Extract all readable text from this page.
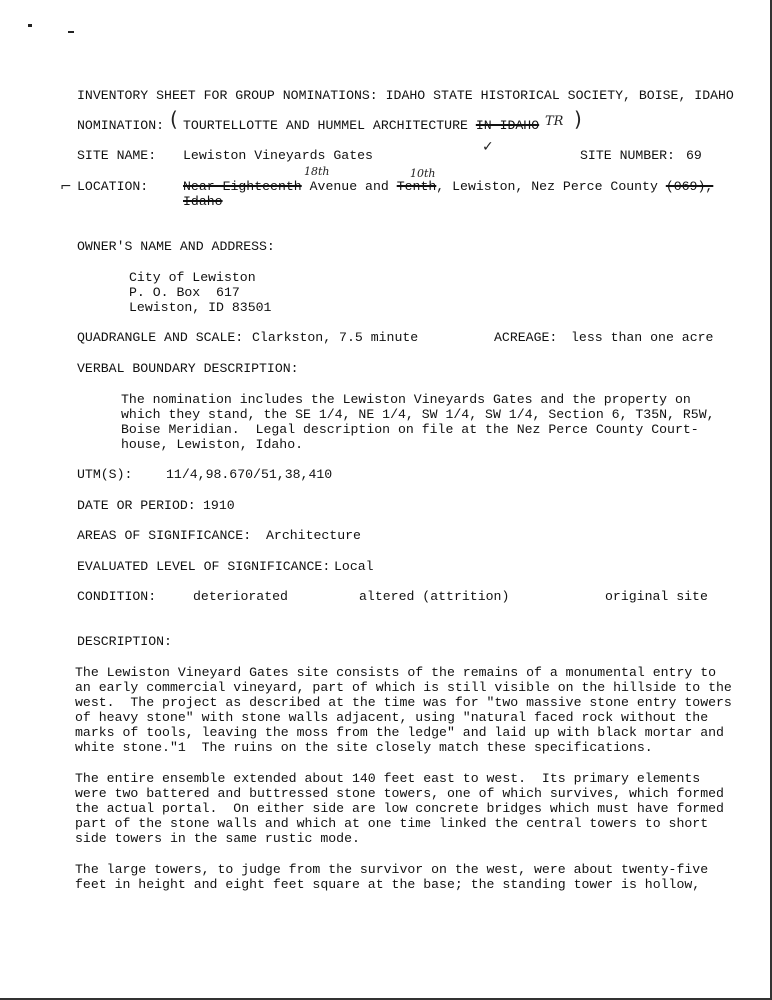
INVENTORY SHEET FOR GROUP NOMINATIONS: IDAHO STATE HISTORICAL SOCIETY, BOISE, IDAHO
NOMINATION: ( TOURTELLOTTE AND HUMMEL ARCHITECTURE IN IDAHO TR )
SITE NAME: Lewiston Vineyards Gates
✓
SITE NUMBER: 69
18th	10th
⌐ LOCATION:	Near Eighteenth Avenue and Tenth, Lewiston, Nez Perce County (069),
Idaho
OWNER'S NAME AND ADDRESS:
City of Lewiston
P. O. Box  617
Lewiston, ID 83501
QUADRANGLE AND SCALE: Clarkston, 7.5 minute	ACREAGE: less than one acre
VERBAL BOUNDARY DESCRIPTION:
The nomination includes the Lewiston Vineyards Gates and the property on
which they stand, the SE 1/4, NE 1/4, SW 1/4, SW 1/4, Section 6, T35N, R5W,
Boise Meridian.  Legal description on file at the Nez Perce County Court-
house, Lewiston, Idaho.
UTM(S):	11/4,98.670/51,38,410
DATE OR PERIOD: 1910
AREAS OF SIGNIFICANCE: Architecture
EVALUATED LEVEL OF SIGNIFICANCE: Local
CONDITION:	deteriorated	altered (attrition)	original site
DESCRIPTION:
The Lewiston Vineyard Gates site consists of the remains of a monumental entry to
an early commercial vineyard, part of which is still visible on the hillside to the
west.  The project as described at the time was for "two massive stone entry towers
of heavy stone" with stone walls adjacent, using "natural faced rock without the
marks of tools, leaving the moss from the ledge" and laid up with black mortar and
white stone."1  The ruins on the site closely match these specifications.
The entire ensemble extended about 140 feet east to west.  Its primary elements
were two battered and buttressed stone towers, one of which survives, which formed
the actual portal.  On either side are low concrete bridges which must have formed
part of the stone walls and which at one time linked the central towers to short
side towers in the same rustic mode.
The large towers, to judge from the survivor on the west, were about twenty-five
feet in height and eight feet square at the base; the standing tower is hollow,
